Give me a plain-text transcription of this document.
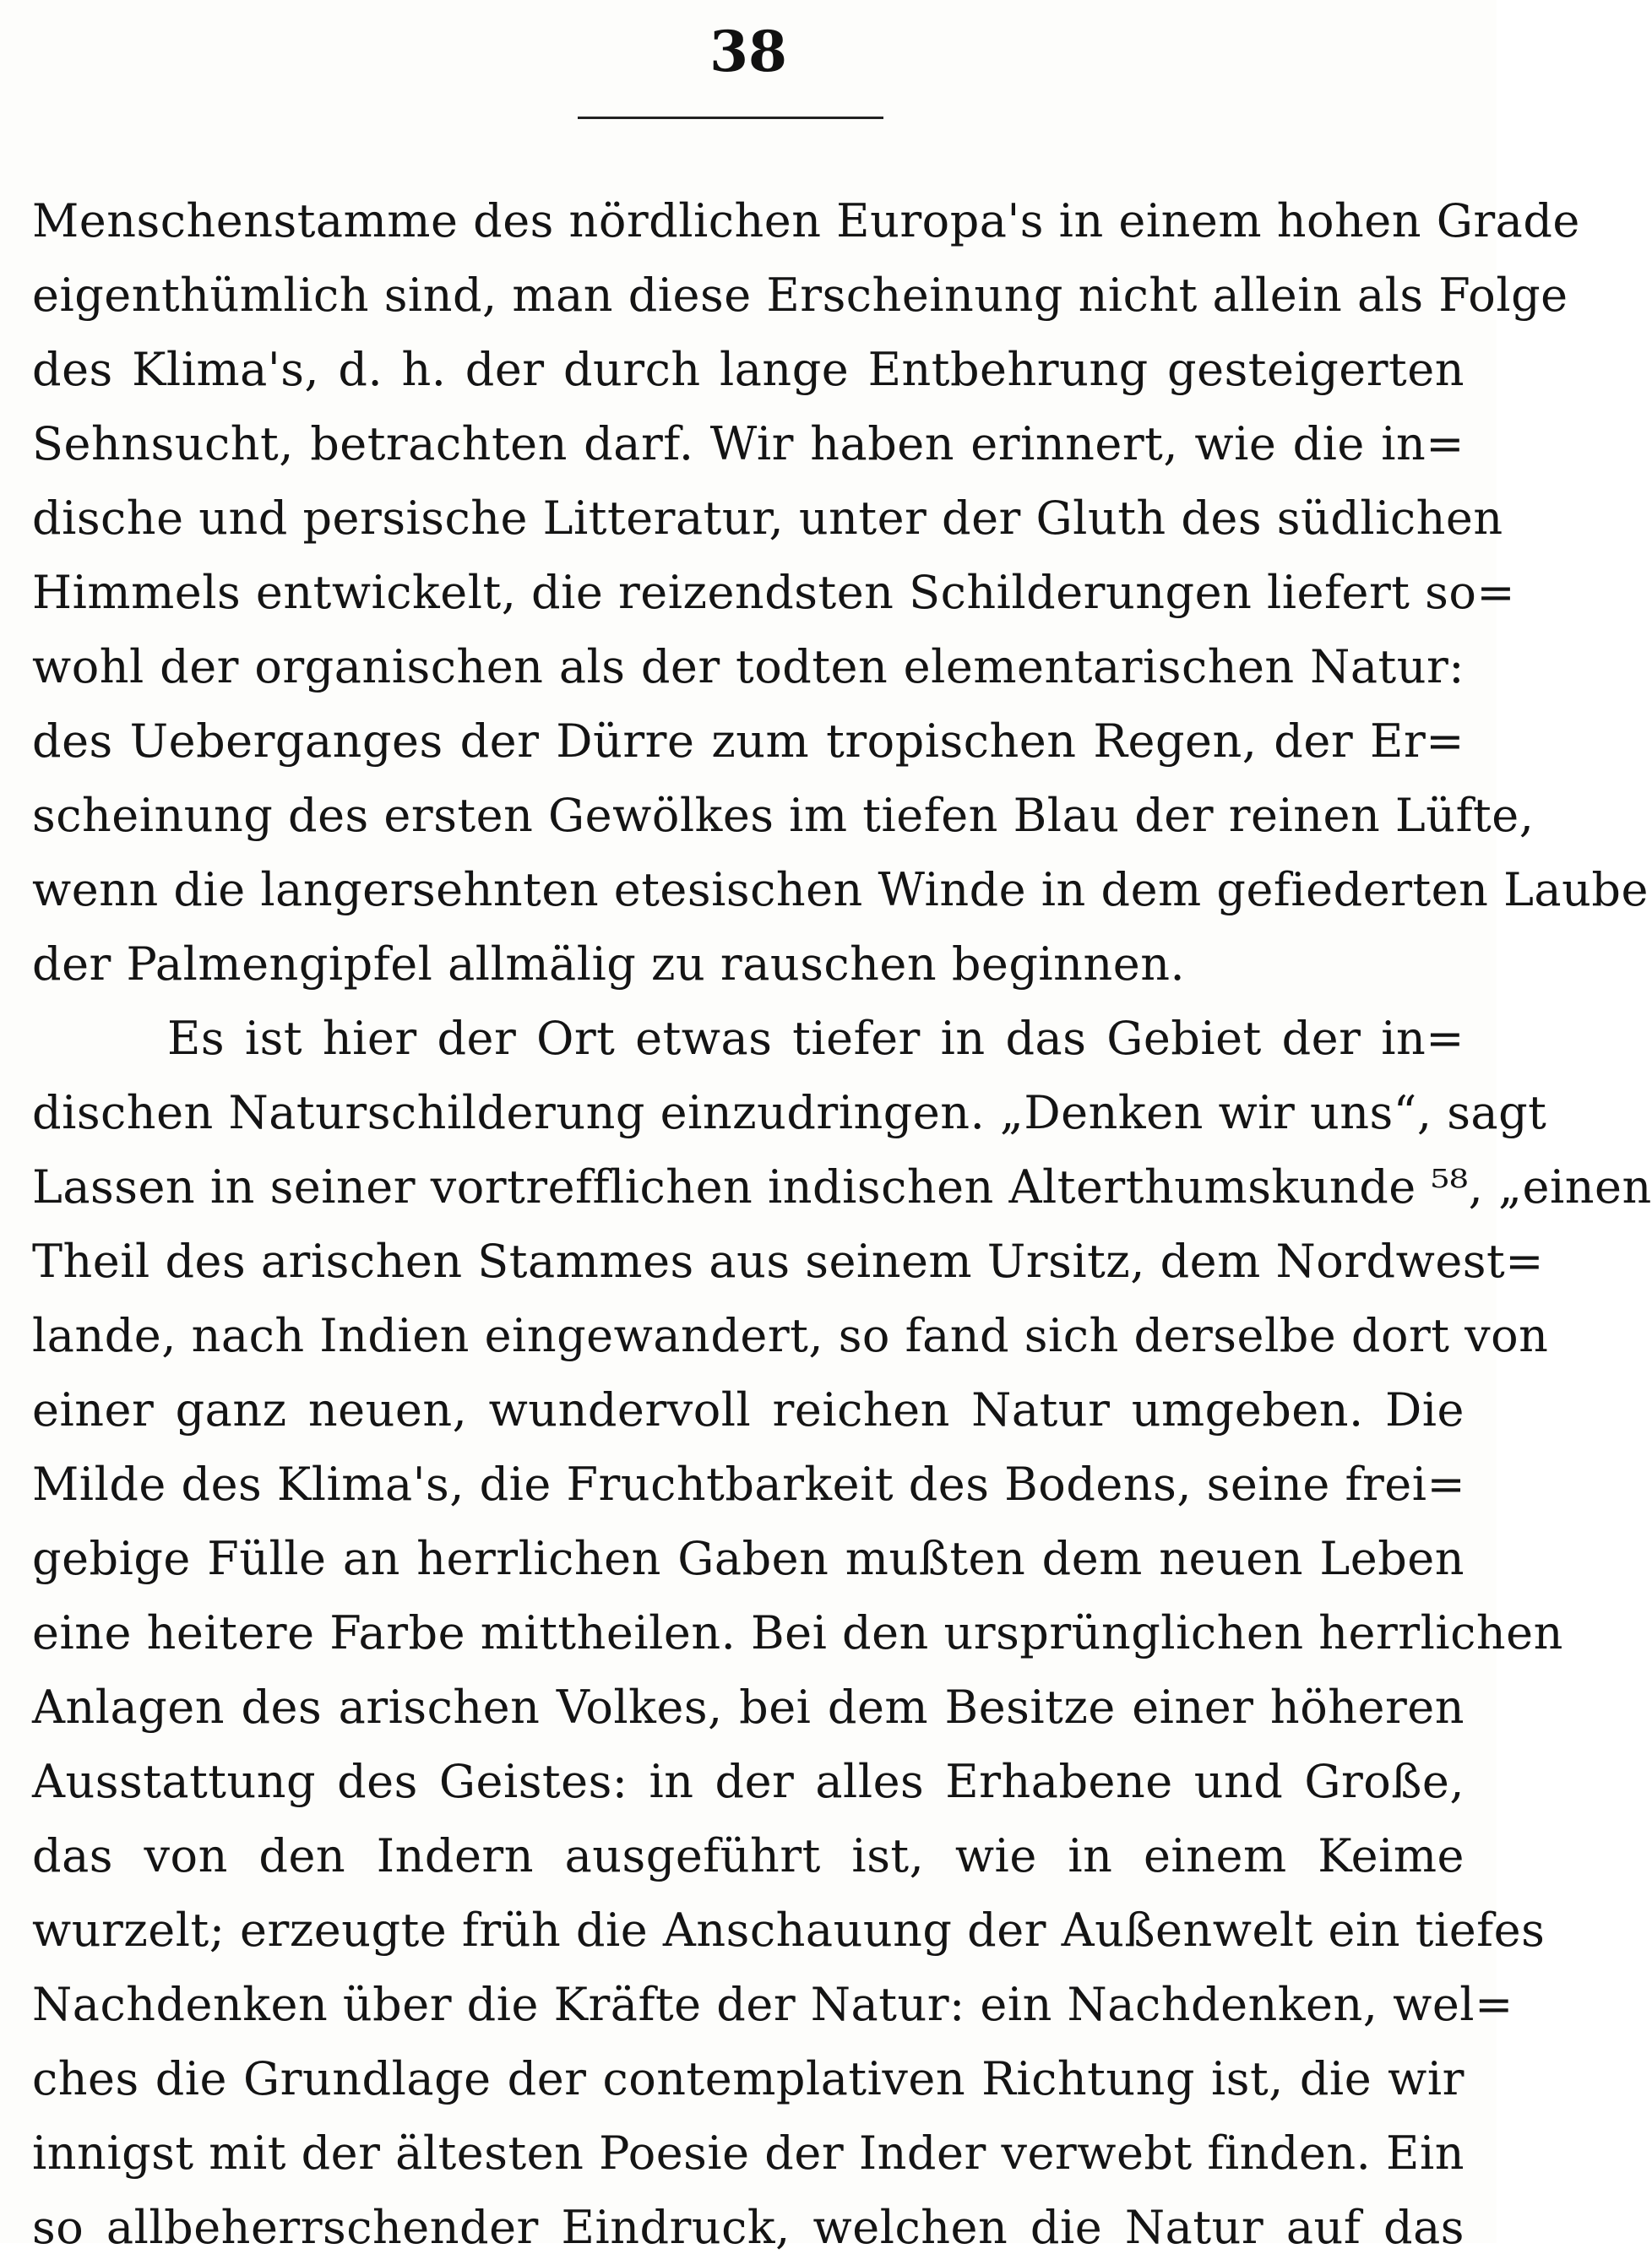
38
Menschenstamme des nördlichen Europa's in einem hohen Grade
eigenthümlich sind, man diese Erscheinung nicht allein als Folge
des Klima's, d. h. der durch lange Entbehrung gesteigerten
Sehnsucht, betrachten darf. Wir haben erinnert, wie die in=
dische und persische Litteratur, unter der Gluth des südlichen
Himmels entwickelt, die reizendsten Schilderungen liefert so=
wohl der organischen als der todten elementarischen Natur:
des Ueberganges der Dürre zum tropischen Regen, der Er=
scheinung des ersten Gewölkes im tiefen Blau der reinen Lüfte,
wenn die langersehnten etesischen Winde in dem gefiederten Laube
der Palmengipfel allmälig zu rauschen beginnen.
Es ist hier der Ort etwas tiefer in das Gebiet der in=
dischen Naturschilderung einzudringen. „Denken wir uns“, sagt
Lassen in seiner vortrefflichen indischen Alterthumskunde ⁵⁸, „einen
Theil des arischen Stammes aus seinem Ursitz, dem Nordwest=
lande, nach Indien eingewandert, so fand sich derselbe dort von
einer ganz neuen, wundervoll reichen Natur umgeben. Die
Milde des Klima's, die Fruchtbarkeit des Bodens, seine frei=
gebige Fülle an herrlichen Gaben mußten dem neuen Leben
eine heitere Farbe mittheilen. Bei den ursprünglichen herrlichen
Anlagen des arischen Volkes, bei dem Besitze einer höheren
Ausstattung des Geistes: in der alles Erhabene und Große,
das von den Indern ausgeführt ist, wie in einem Keime
wurzelt; erzeugte früh die Anschauung der Außenwelt ein tiefes
Nachdenken über die Kräfte der Natur: ein Nachdenken, wel=
ches die Grundlage der contemplativen Richtung ist, die wir
innigst mit der ältesten Poesie der Inder verwebt finden. Ein
so allbeherrschender Eindruck, welchen die Natur auf das
